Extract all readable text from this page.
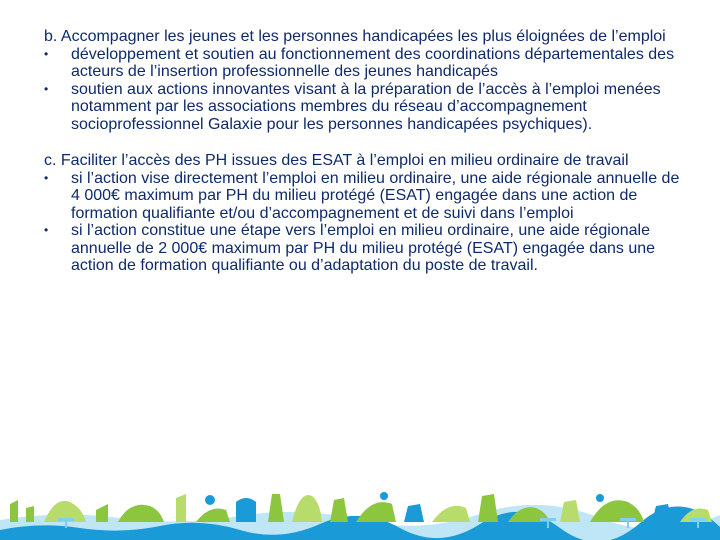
b. Accompagner les jeunes et les personnes handicapées les plus éloignées de l’emploi
•	développement et soutien au fonctionnement des coordinations départementales des acteurs de l’insertion professionnelle des jeunes handicapés
•	soutien aux actions innovantes visant à la préparation de l’accès à l’emploi menées notamment par les associations membres du réseau d’accompagnement socioprofessionnel Galaxie pour les personnes handicapées psychiques).
c. Faciliter l’accès des PH issues des ESAT à l’emploi en milieu ordinaire de travail
•	si l’action vise directement l’emploi en milieu ordinaire, une aide régionale annuelle de 4 000€ maximum par PH du milieu protégé (ESAT) engagée dans une action de formation qualifiante et/ou d’accompagnement et de suivi dans l’emploi
•	si l’action constitue une étape vers l’emploi en milieu ordinaire, une aide régionale annuelle de 2 000€ maximum par PH du milieu protégé (ESAT) engagée dans une action de formation qualifiante ou d’adaptation du poste de travail.
